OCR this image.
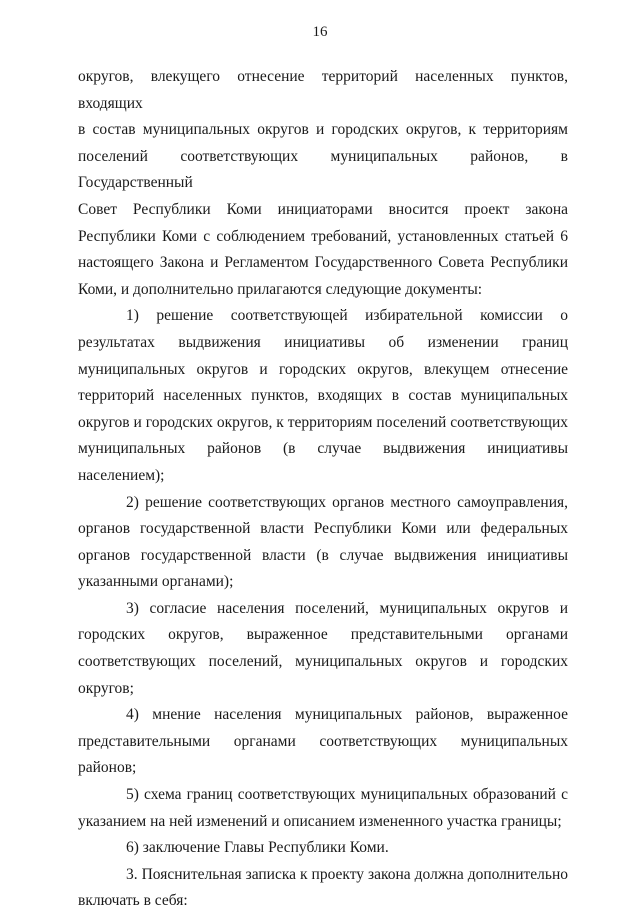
16
округов, влекущего отнесение территорий населенных пунктов, входящих
в состав муниципальных округов и городских округов, к территориям
поселений соответствующих муниципальных районов, в Государственный
Совет Республики Коми инициаторами вносится проект закона
Республики Коми с соблюдением требований, установленных статьей 6
настоящего Закона и Регламентом Государственного Совета Республики
Коми, и дополнительно прилагаются следующие документы:
1) решение соответствующей избирательной комиссии о
результатах выдвижения инициативы об изменении границ
муниципальных округов и городских округов, влекущем отнесение
территорий населенных пунктов, входящих в состав муниципальных
округов и городских округов, к территориям поселений соответствующих
муниципальных районов (в случае выдвижения инициативы населением);
2) решение соответствующих органов местного самоуправления,
органов государственной власти Республики Коми или федеральных
органов государственной власти (в случае выдвижения инициативы
указанными органами);
3) согласие населения поселений, муниципальных округов и
городских округов, выраженное представительными органами
соответствующих поселений, муниципальных округов и городских
округов;
4) мнение населения муниципальных районов, выраженное
представительными органами соответствующих муниципальных районов;
5) схема границ соответствующих муниципальных образований с
указанием на ней изменений и описанием измененного участка границы;
6) заключение Главы Республики Коми.
3. Пояснительная записка к проекту закона должна дополнительно
включать в себя:
